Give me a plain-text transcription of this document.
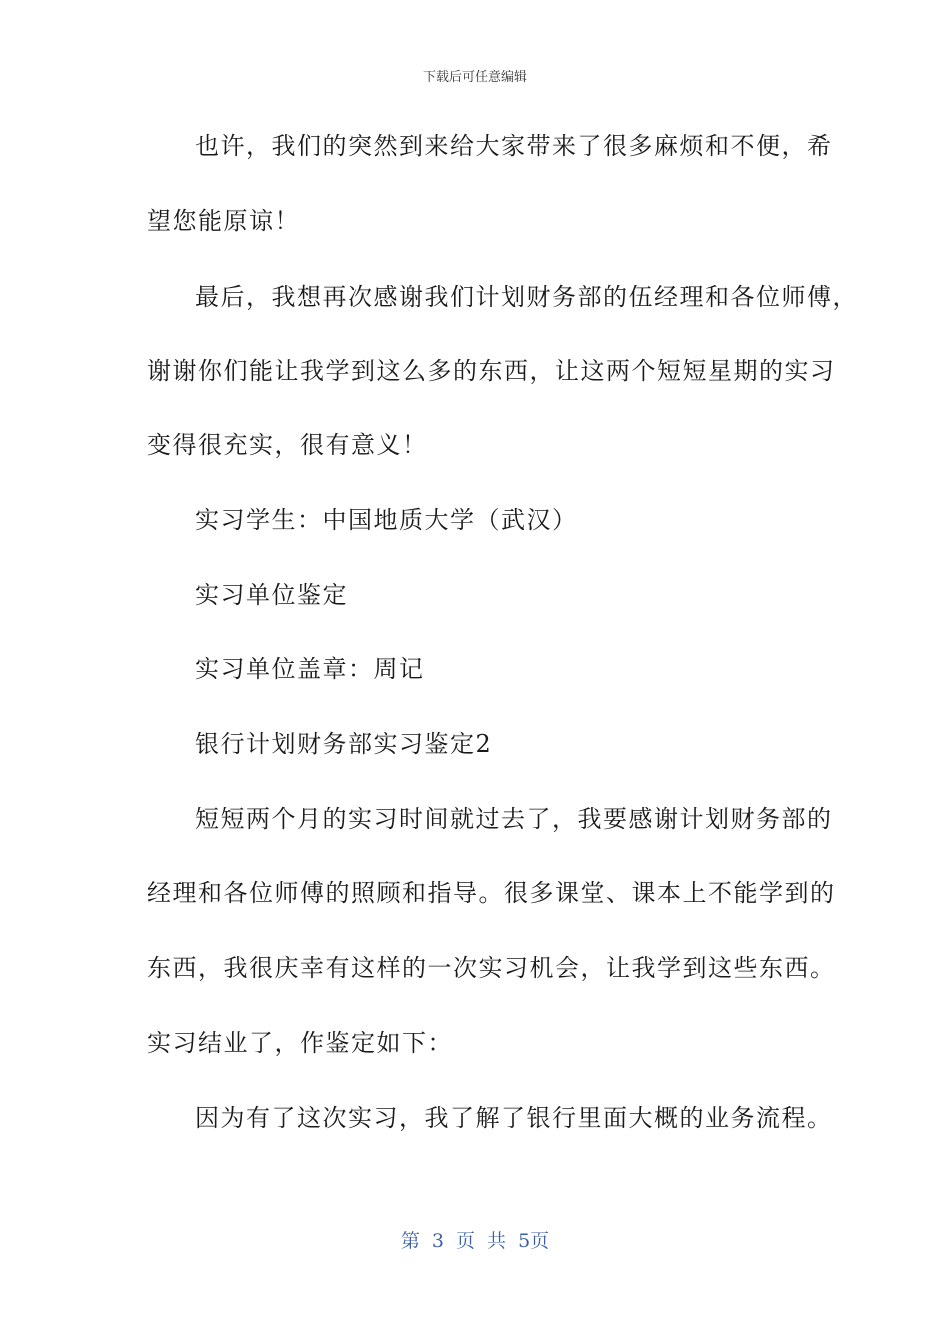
下载后可任意编辑
也许，我们的突然到来给大家带来了很多麻烦和不便，希
望您能原谅！
最后，我想再次感谢我们计划财务部的伍经理和各位师傅，
谢谢你们能让我学到这么多的东西，让这两个短短星期的实习
变得很充实，很有意义！
实习学生：中国地质大学（武汉）
实习单位鉴定
实习单位盖章：周记
银行计划财务部实习鉴定2
短短两个月的实习时间就过去了，我要感谢计划财务部的
经理和各位师傅的照顾和指导。很多课堂、课本上不能学到的
东西，我很庆幸有这样的一次实习机会，让我学到这些东西。
实习结业了，作鉴定如下：
因为有了这次实习，我了解了银行里面大概的业务流程。
第 3 页 共 5页
